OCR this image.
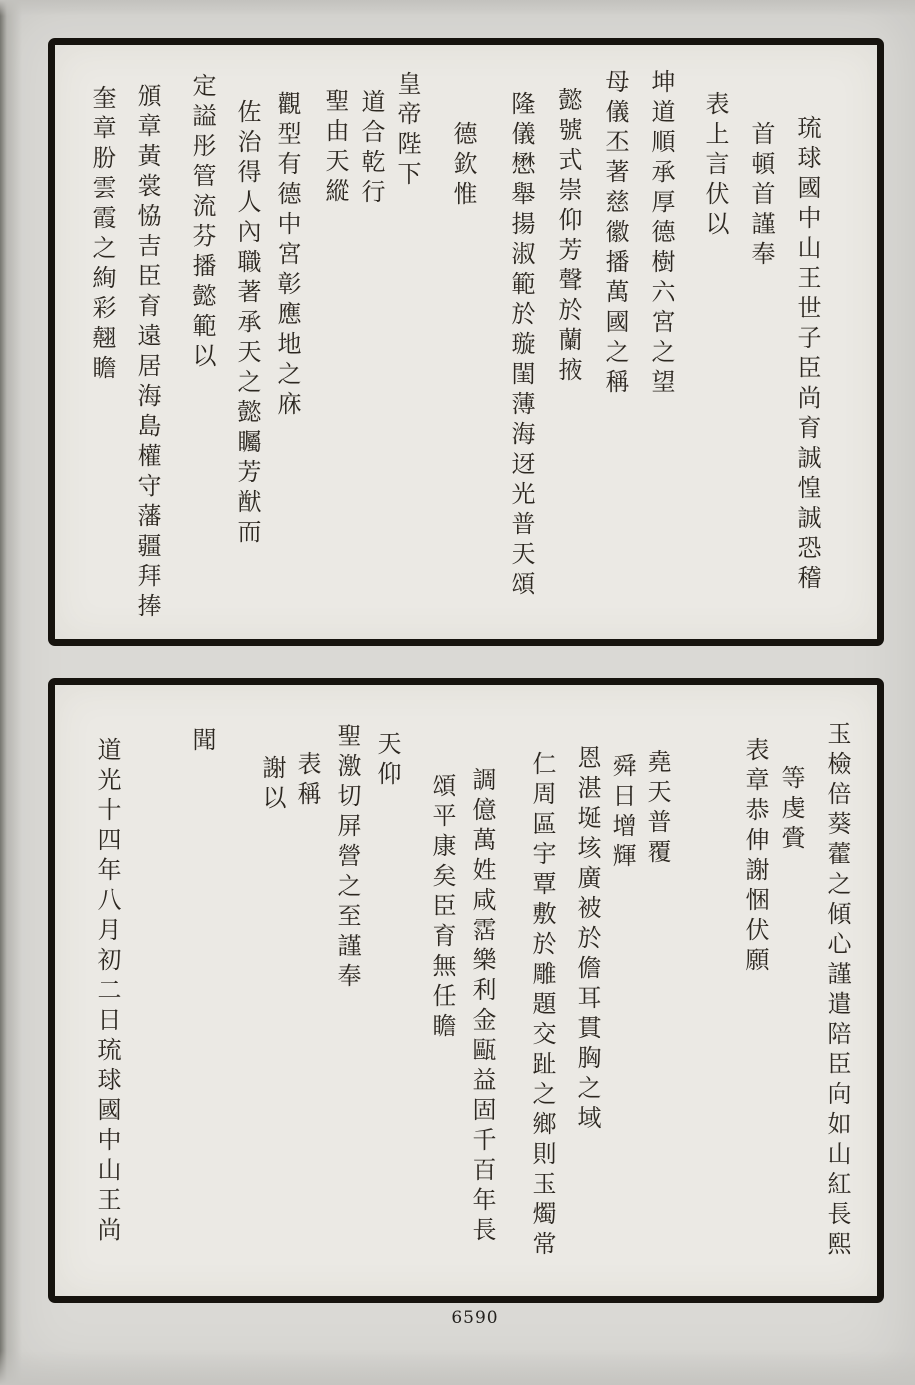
琉球國中山王世子臣尚育誠惶誠恐稽
首頓首謹奉
表上言伏以
坤道順承厚德樹六宮之望
母儀丕著慈徽播萬國之稱
懿號式崇仰芳聲於蘭掖
隆儀懋舉揚淑範於璇閨薄海迓光普天頌
德欽惟
皇帝陛下
道合乾行
聖由天縱
觀型有德中宮彰應地之庥
佐治得人內職著承天之懿矚芳猷而
定謚彤管流芬播懿範以
頒章黃裳恊吉臣育遠居海島權守藩疆拜捧
奎章朌雲霞之絢彩翹瞻
玉檢倍葵藿之傾心謹遣陪臣向如山紅長熙
等虔賫
表章恭伸謝悃伏願
堯天普覆
舜日增輝
恩湛埏垓廣被於儋耳貫胸之域
仁周區宇覃敷於雕題交趾之鄉則玉燭常
調億萬姓咸霑樂利金甌益固千百年長
頌平康矣臣育無任瞻
天仰
聖激切屏營之至謹奉
表稱
謝以
聞
道光十四年八月初二日琉球國中山王尚
6590
